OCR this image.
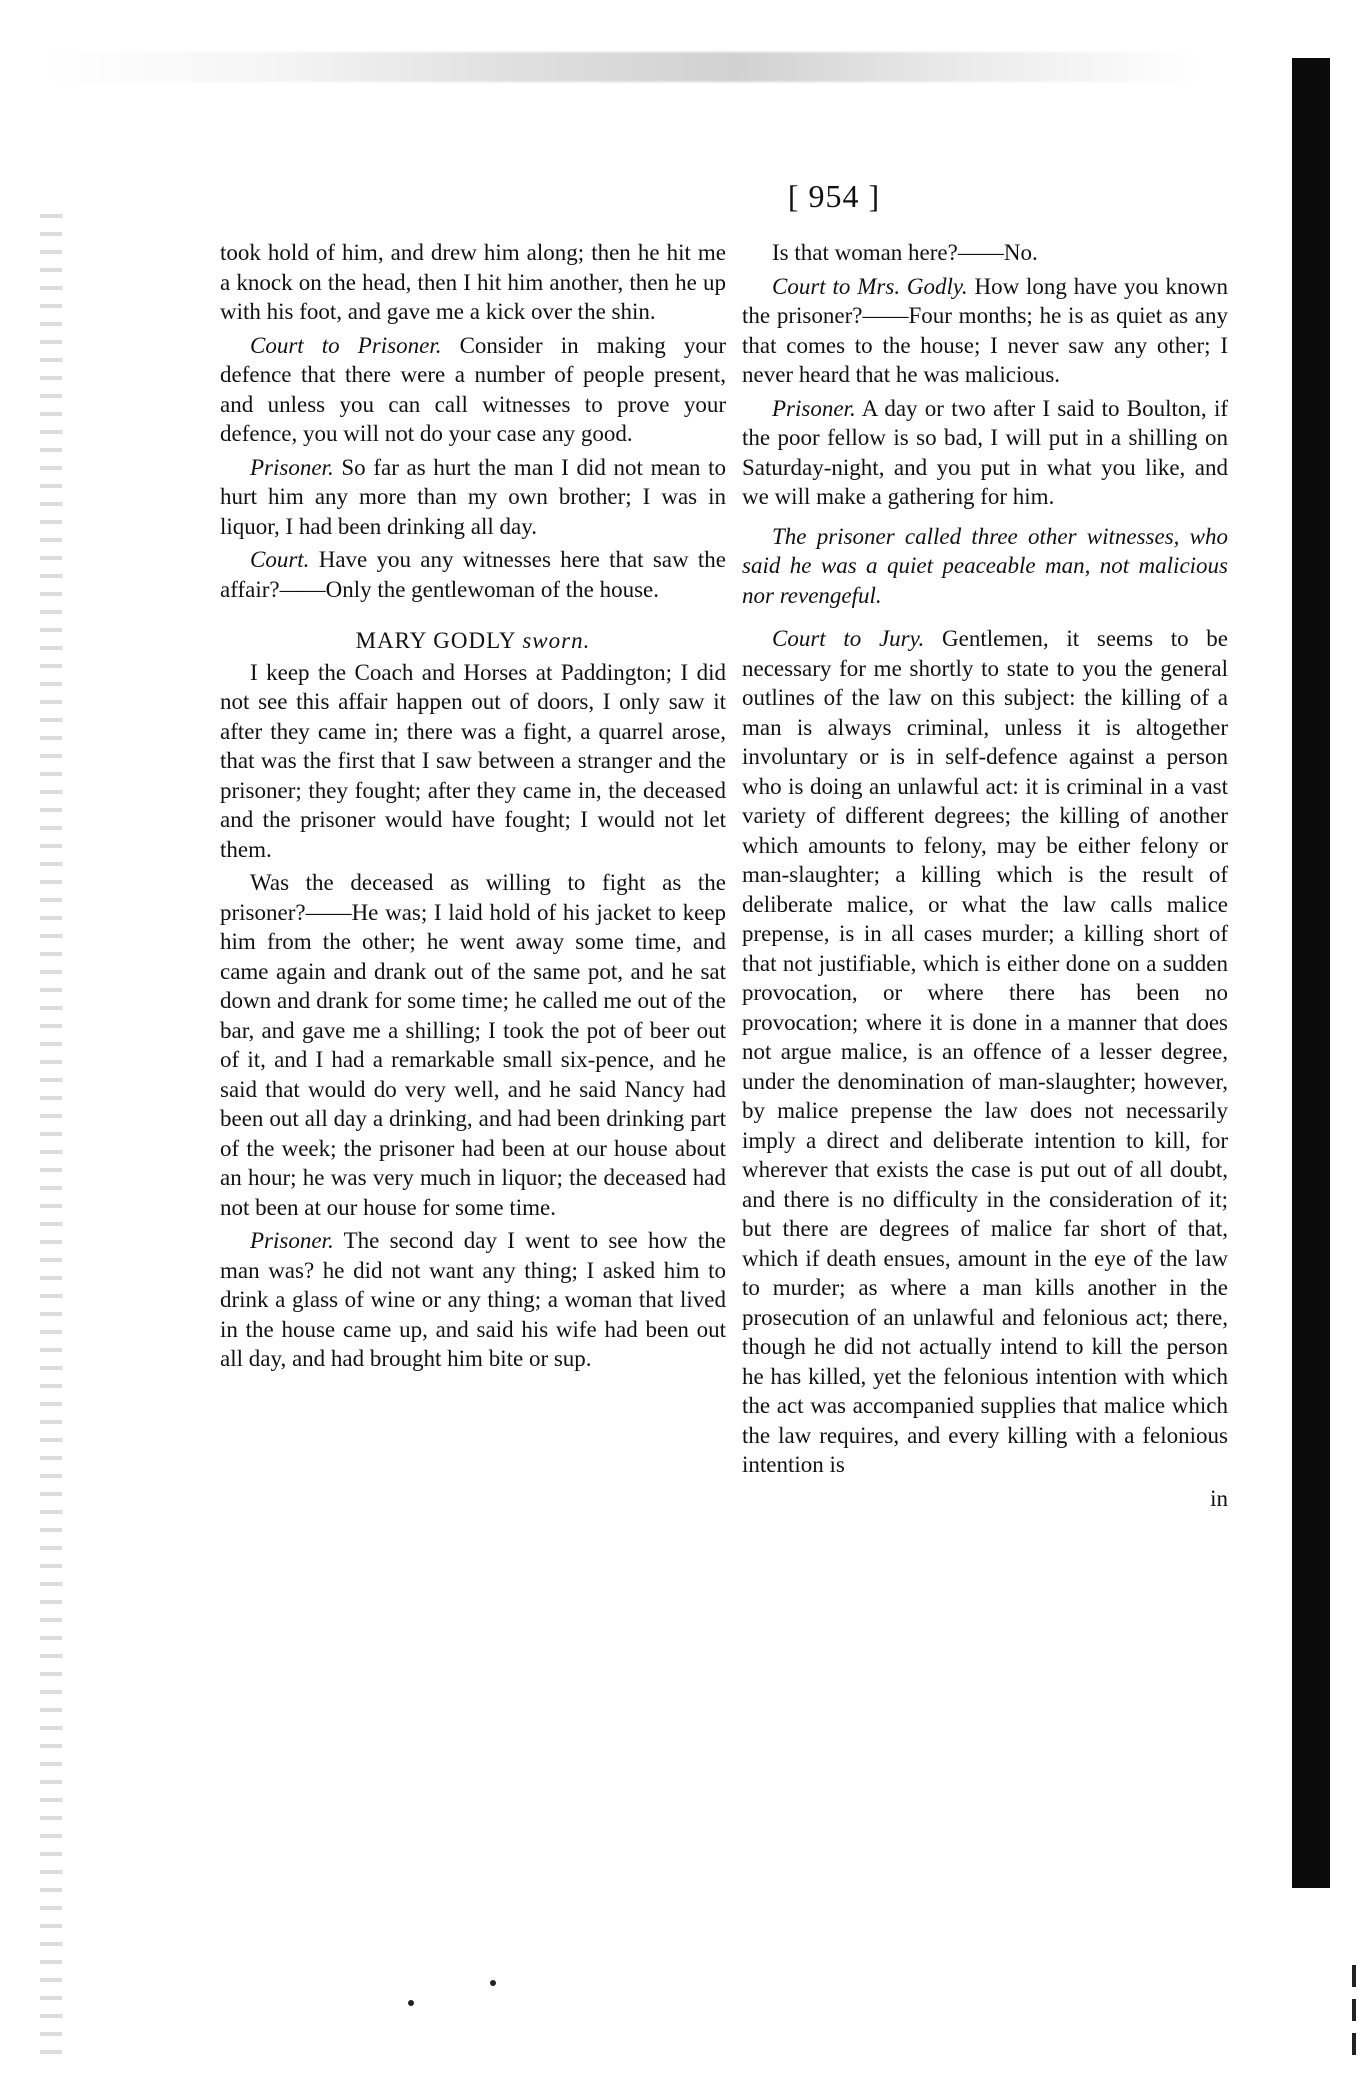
[ 954 ]

took hold of him, and drew him along; then he hit me a knock on the head, then I hit him another, then he up with his foot, and gave me a kick over the shin.

Court to Prisoner. Consider in making your defence that there were a number of people present, and unless you can call witnesses to prove your defence, you will not do your case any good.

Prisoner. So far as hurt the man I did not mean to hurt him any more than my own brother; I was in liquor, I had been drinking all day.

Court. Have you any witnesses here that saw the affair?——Only the gentlewoman of the house.

MARY GODLY sworn.

I keep the Coach and Horses at Paddington; I did not see this affair happen out of doors, I only saw it after they came in; there was a fight, a quarrel arose, that was the first that I saw between a stranger and the prisoner; they fought; after they came in, the deceased and the prisoner would have fought; I would not let them.

Was the deceased as willing to fight as the prisoner?——He was; I laid hold of his jacket to keep him from the other; he went away some time, and came again and drank out of the same pot, and he sat down and drank for some time; he called me out of the bar, and gave me a shilling; I took the pot of beer out of it, and I had a remarkable small six-pence, and he said that would do very well, and he said Nancy had been out all day a drinking, and had been drinking part of the week; the prisoner had been at our house about an hour; he was very much in liquor; the deceased had not been at our house for some time.

Prisoner. The second day I went to see how the man was? he did not want any thing; I asked him to drink a glass of wine or any thing; a woman that lived in the house came up, and said his wife had been out all day, and had brought him bite or sup.

Is that woman here?——No.

Court to Mrs. Godly. How long have you known the prisoner?——Four months; he is as quiet as any that comes to the house; I never saw any other; I never heard that he was malicious.

Prisoner. A day or two after I said to Boulton, if the poor fellow is so bad, I will put in a shilling on Saturday-night, and you put in what you like, and we will make a gathering for him.

The prisoner called three other witnesses, who said he was a quiet peaceable man, not malicious nor revengeful.

Court to Jury. Gentlemen, it seems to be necessary for me shortly to state to you the general outlines of the law on this subject: the killing of a man is always criminal, unless it is altogether involuntary or is in self-defence against a person who is doing an unlawful act: it is criminal in a vast variety of different degrees; the killing of another which amounts to felony, may be either felony or man-slaughter; a killing which is the result of deliberate malice, or what the law calls malice prepense, is in all cases murder; a killing short of that not justifiable, which is either done on a sudden provocation, or where there has been no provocation; where it is done in a manner that does not argue malice, is an offence of a lesser degree, under the denomination of man-slaughter; however, by malice prepense the law does not necessarily imply a direct and deliberate intention to kill, for wherever that exists the case is put out of all doubt, and there is no difficulty in the consideration of it; but there are degrees of malice far short of that, which if death ensues, amount in the eye of the law to murder; as where a man kills another in the prosecution of an unlawful and felonious act; there, though he did not actually intend to kill the person he has killed, yet the felonious intention with which the act was accompanied supplies that malice which the law requires, and every killing with a felonious intention is

in
